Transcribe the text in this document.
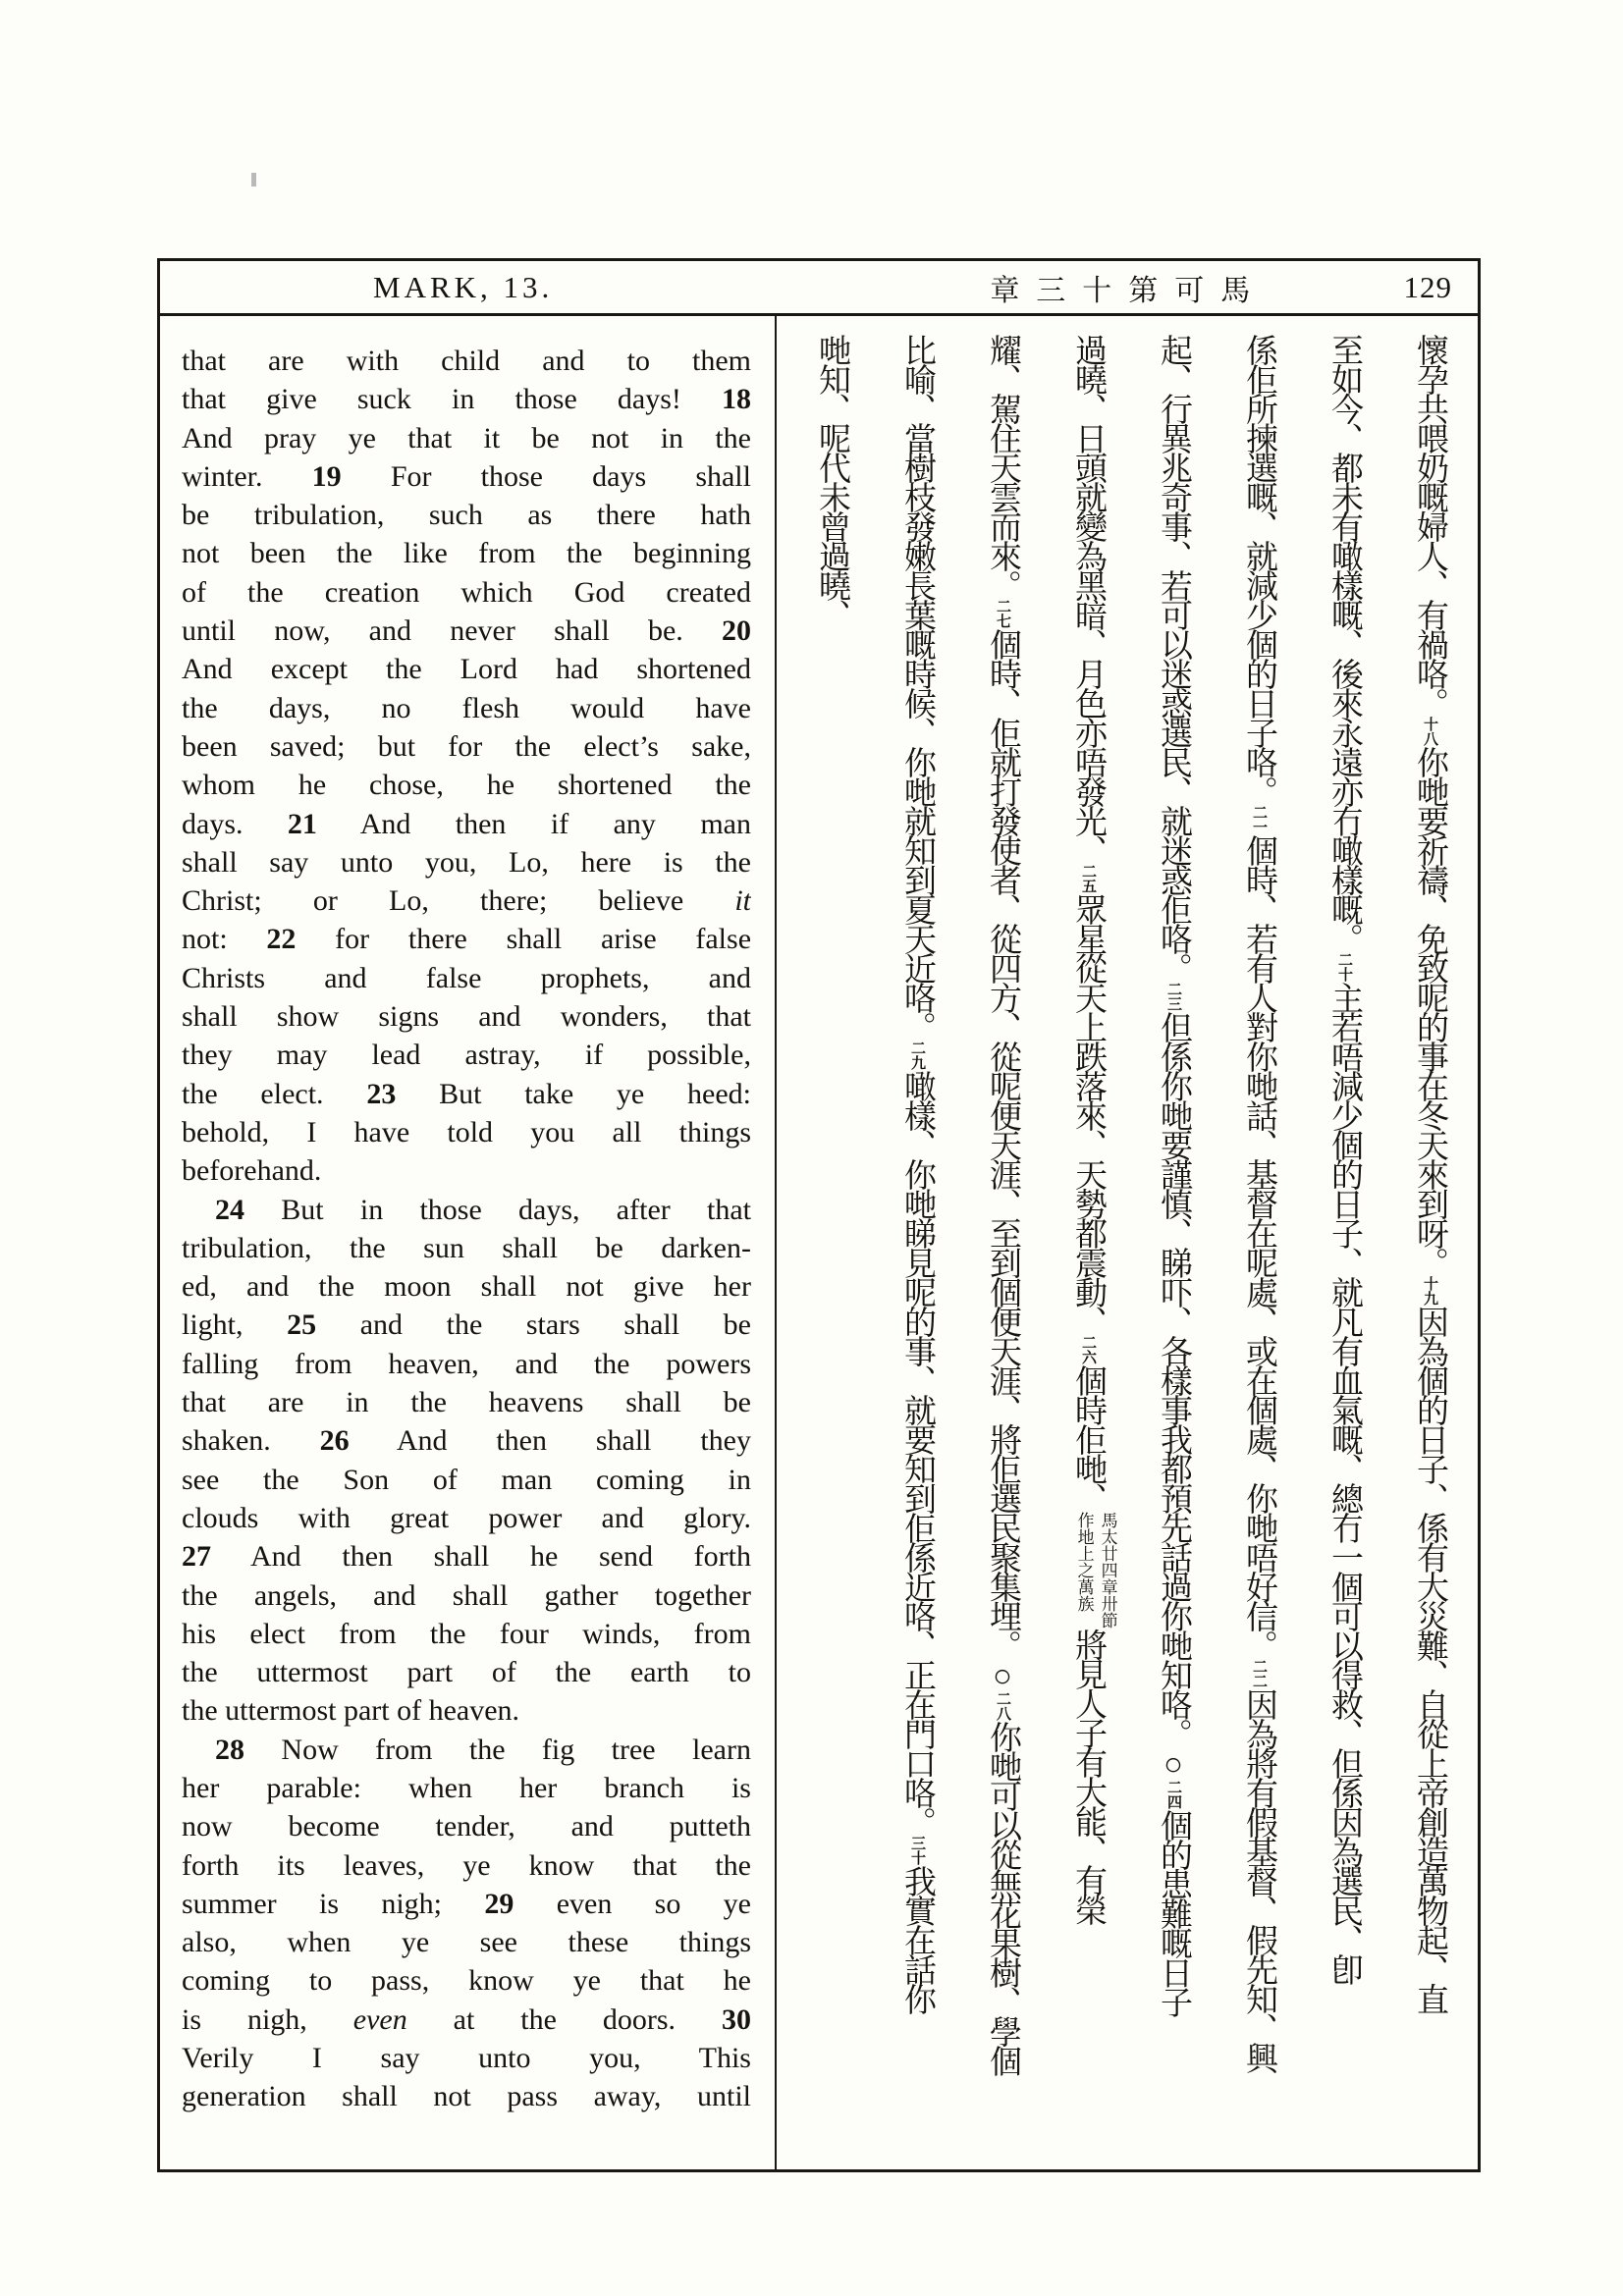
MARK, 13.	章三十第可馬	129
that are with child and to them
that give suck in those days! 18
And pray ye that it be not in the
winter. 19 For those days shall
be tribulation, such as there hath
not been the like from the beginning
of the creation which God created
until now, and never shall be. 20
And except the Lord had shortened
the days, no flesh would have
been saved; but for the elect’s sake,
whom he chose, he shortened the
days. 21 And then if any man
shall say unto you, Lo, here is the
Christ; or Lo, there; believe it
not: 22 for there shall arise false
Christs and false prophets, and
shall show signs and wonders, that
they may lead astray, if possible,
the elect. 23 But take ye heed:
behold, I have told you all things
beforehand.
24 But in those days, after that
tribulation, the sun shall be darken-
ed, and the moon shall not give her
light, 25 and the stars shall be
falling from heaven, and the powers
that are in the heavens shall be
shaken. 26 And then shall they
see the Son of man coming in
clouds with great power and glory.
27 And then shall he send forth
the angels, and shall gather together
his elect from the four winds, from
the uttermost part of the earth to
the uttermost part of heaven.
28 Now from the fig tree learn
her parable: when her branch is
now become tender, and putteth
forth its leaves, ye know that the
summer is nigh; 29 even so ye
also, when ye see these things
coming to pass, know ye that he
is nigh, even at the doors. 30
Verily I say unto you, This
generation shall not pass away, until
懷孕共喂奶嘅婦人、有禍咯。十八你哋要祈禱、免致呢的事在冬天來到呀。十九因為個的日子、係有大災難、自從上帝創造萬物起、直
至如今、都未有噉樣嘅、後來永遠亦冇噉樣嘅。二十主若唔減少個的日子、就凡有血氣嘅、總冇一個可以得救、但係因為選民、卽
係佢所揀選嘅、就減少個的日子咯。二一個時、若有人對你哋話、基督在呢處、或在個處、你哋唔好信。二二因為將有假基督、假先知、興
起、行異兆奇事、若可以迷惑選民、就迷惑佢咯。二三但係你哋要謹慎、睇吓、各樣事我都預先話過你哋知咯。○二四個的患難嘅日子
過曉、日頭就變為黑暗、月色亦唔發光、二五眾星從天上跌落來、天勢都震動、二六個時佢哋、
馬太廿四章卅節
作地上之萬族
將見人子有大能、有榮
耀、駕住天雲而來。二七個時、佢就打發使者、從四方、從呢便天涯、至到個便天涯、將佢選民聚集埋。○二八你哋可以從無花果樹、學個
比喻、當樹枝發嫩長葉嘅時候、你哋就知到夏天近咯。二九噉樣、你哋睇見呢的事、就要知到佢係近咯、正在門口咯。三十我實在話你
哋知、呢代未曾過曉、
